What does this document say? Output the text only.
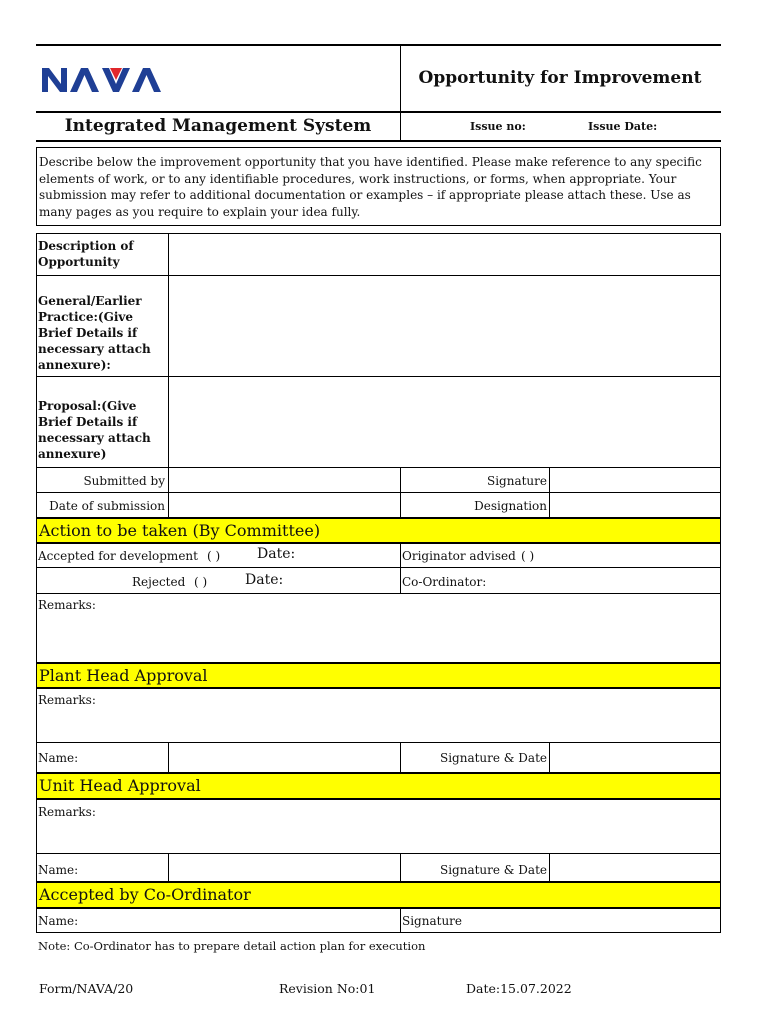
Opportunity for Improvement
Integrated Management System	Issue no:	Issue Date:
Describe below the improvement opportunity that you have identified. Please make reference to any specific elements of work, or to any identifiable procedures, work instructions, or forms, when appropriate. Your submission may refer to additional documentation or examples – if appropriate please attach these. Use as many pages as you require to explain your idea fully.
Description of Opportunity
General/Earlier Practice:(Give Brief Details if necessary attach annexure):
Proposal:(Give Brief Details if necessary attach annexure)
Submitted by	Signature
Date of submission	Designation
Action to be taken (By Committee)
Accepted for development ( )	Date:	Originator advised ( )
Rejected ( )	Date:	Co-Ordinator:
Remarks:
Plant Head Approval
Remarks:
Name:	Signature & Date
Unit Head Approval
Remarks:
Name:	Signature & Date
Accepted by Co-Ordinator
Name:	Signature
Note: Co-Ordinator has to prepare detail action plan for execution
Form/NAVA/20	Revision No:01	Date:15.07.2022
